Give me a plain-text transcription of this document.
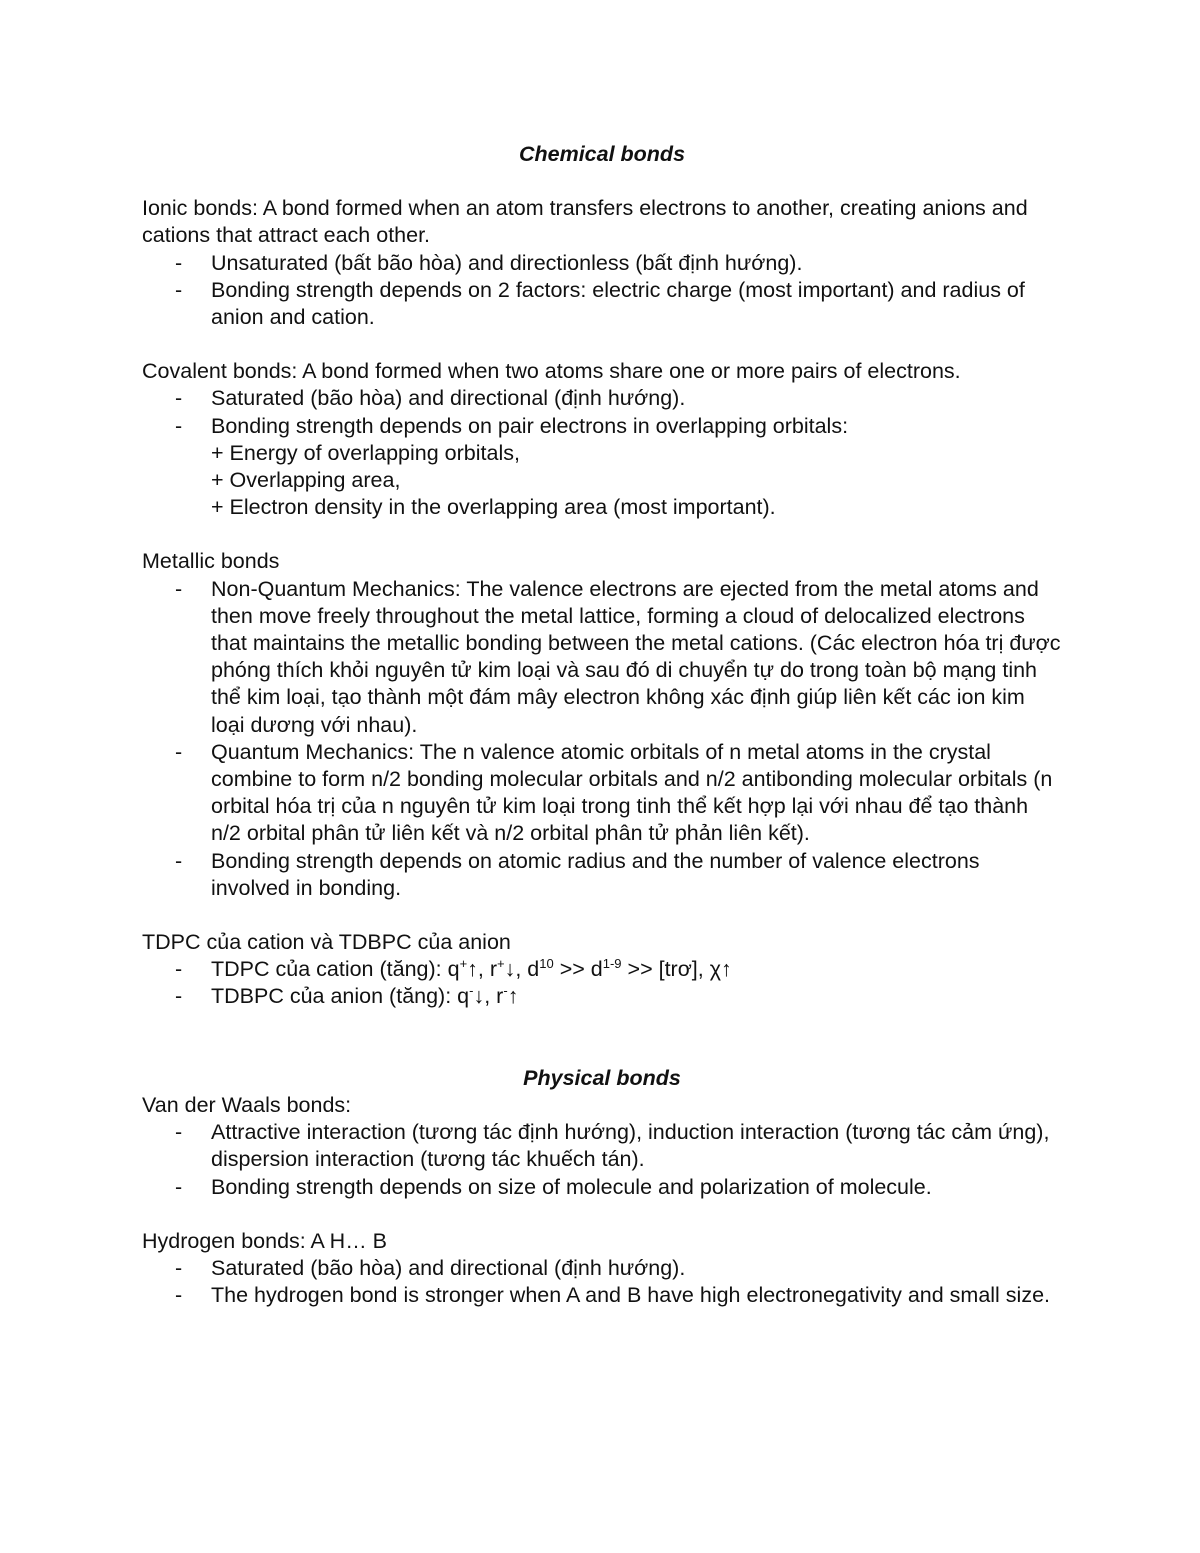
Chemical bonds

Ionic bonds: A bond formed when an atom transfers electrons to another, creating anions and cations that attract each other.

- Unsaturated (bất bão hòa) and directionless (bất định hướng).
- Bonding strength depends on 2 factors: electric charge (most important) and radius of anion and cation.

Covalent bonds: A bond formed when two atoms share one or more pairs of electrons.

- Saturated (bão hòa) and directional (định hướng).
- Bonding strength depends on pair electrons in overlapping orbitals:
+ Energy of overlapping orbitals,
+ Overlapping area,
+ Electron density in the overlapping area (most important).

Metallic bonds

- Non-Quantum Mechanics: The valence electrons are ejected from the metal atoms and then move freely throughout the metal lattice, forming a cloud of delocalized electrons that maintains the metallic bonding between the metal cations. (Các electron hóa trị được phóng thích khỏi nguyên tử kim loại và sau đó di chuyển tự do trong toàn bộ mạng tinh thể kim loại, tạo thành một đám mây electron không xác định giúp liên kết các ion kim loại dương với nhau).
- Quantum Mechanics: The n valence atomic orbitals of n metal atoms in the crystal combine to form n/2 bonding molecular orbitals and n/2 antibonding molecular orbitals (n orbital hóa trị của n nguyên tử kim loại trong tinh thể kết hợp lại với nhau để tạo thành n/2 orbital phân tử liên kết và n/2 orbital phân tử phản liên kết).
- Bonding strength depends on atomic radius and the number of valence electrons involved in bonding.

TDPC của cation và TDBPC của anion

- TDPC của cation (tăng): q+↑, r+↓, $d^{10} >> d^{1-9}$ >> [trơ], χ↑
- TDBPC của anion (tăng): q-↓, r-↑

Physical bonds

Van der Waals bonds:

- Attractive interaction (tương tác định hướng), induction interaction (tương tác cảm ứng), dispersion interaction (tương tác khuếch tán).
- Bonding strength depends on size of molecule and polarization of molecule.

Hydrogen bonds: A H… B

- Saturated (bão hòa) and directional (định hướng).
- The hydrogen bond is stronger when A and B have high electronegativity and small size.
